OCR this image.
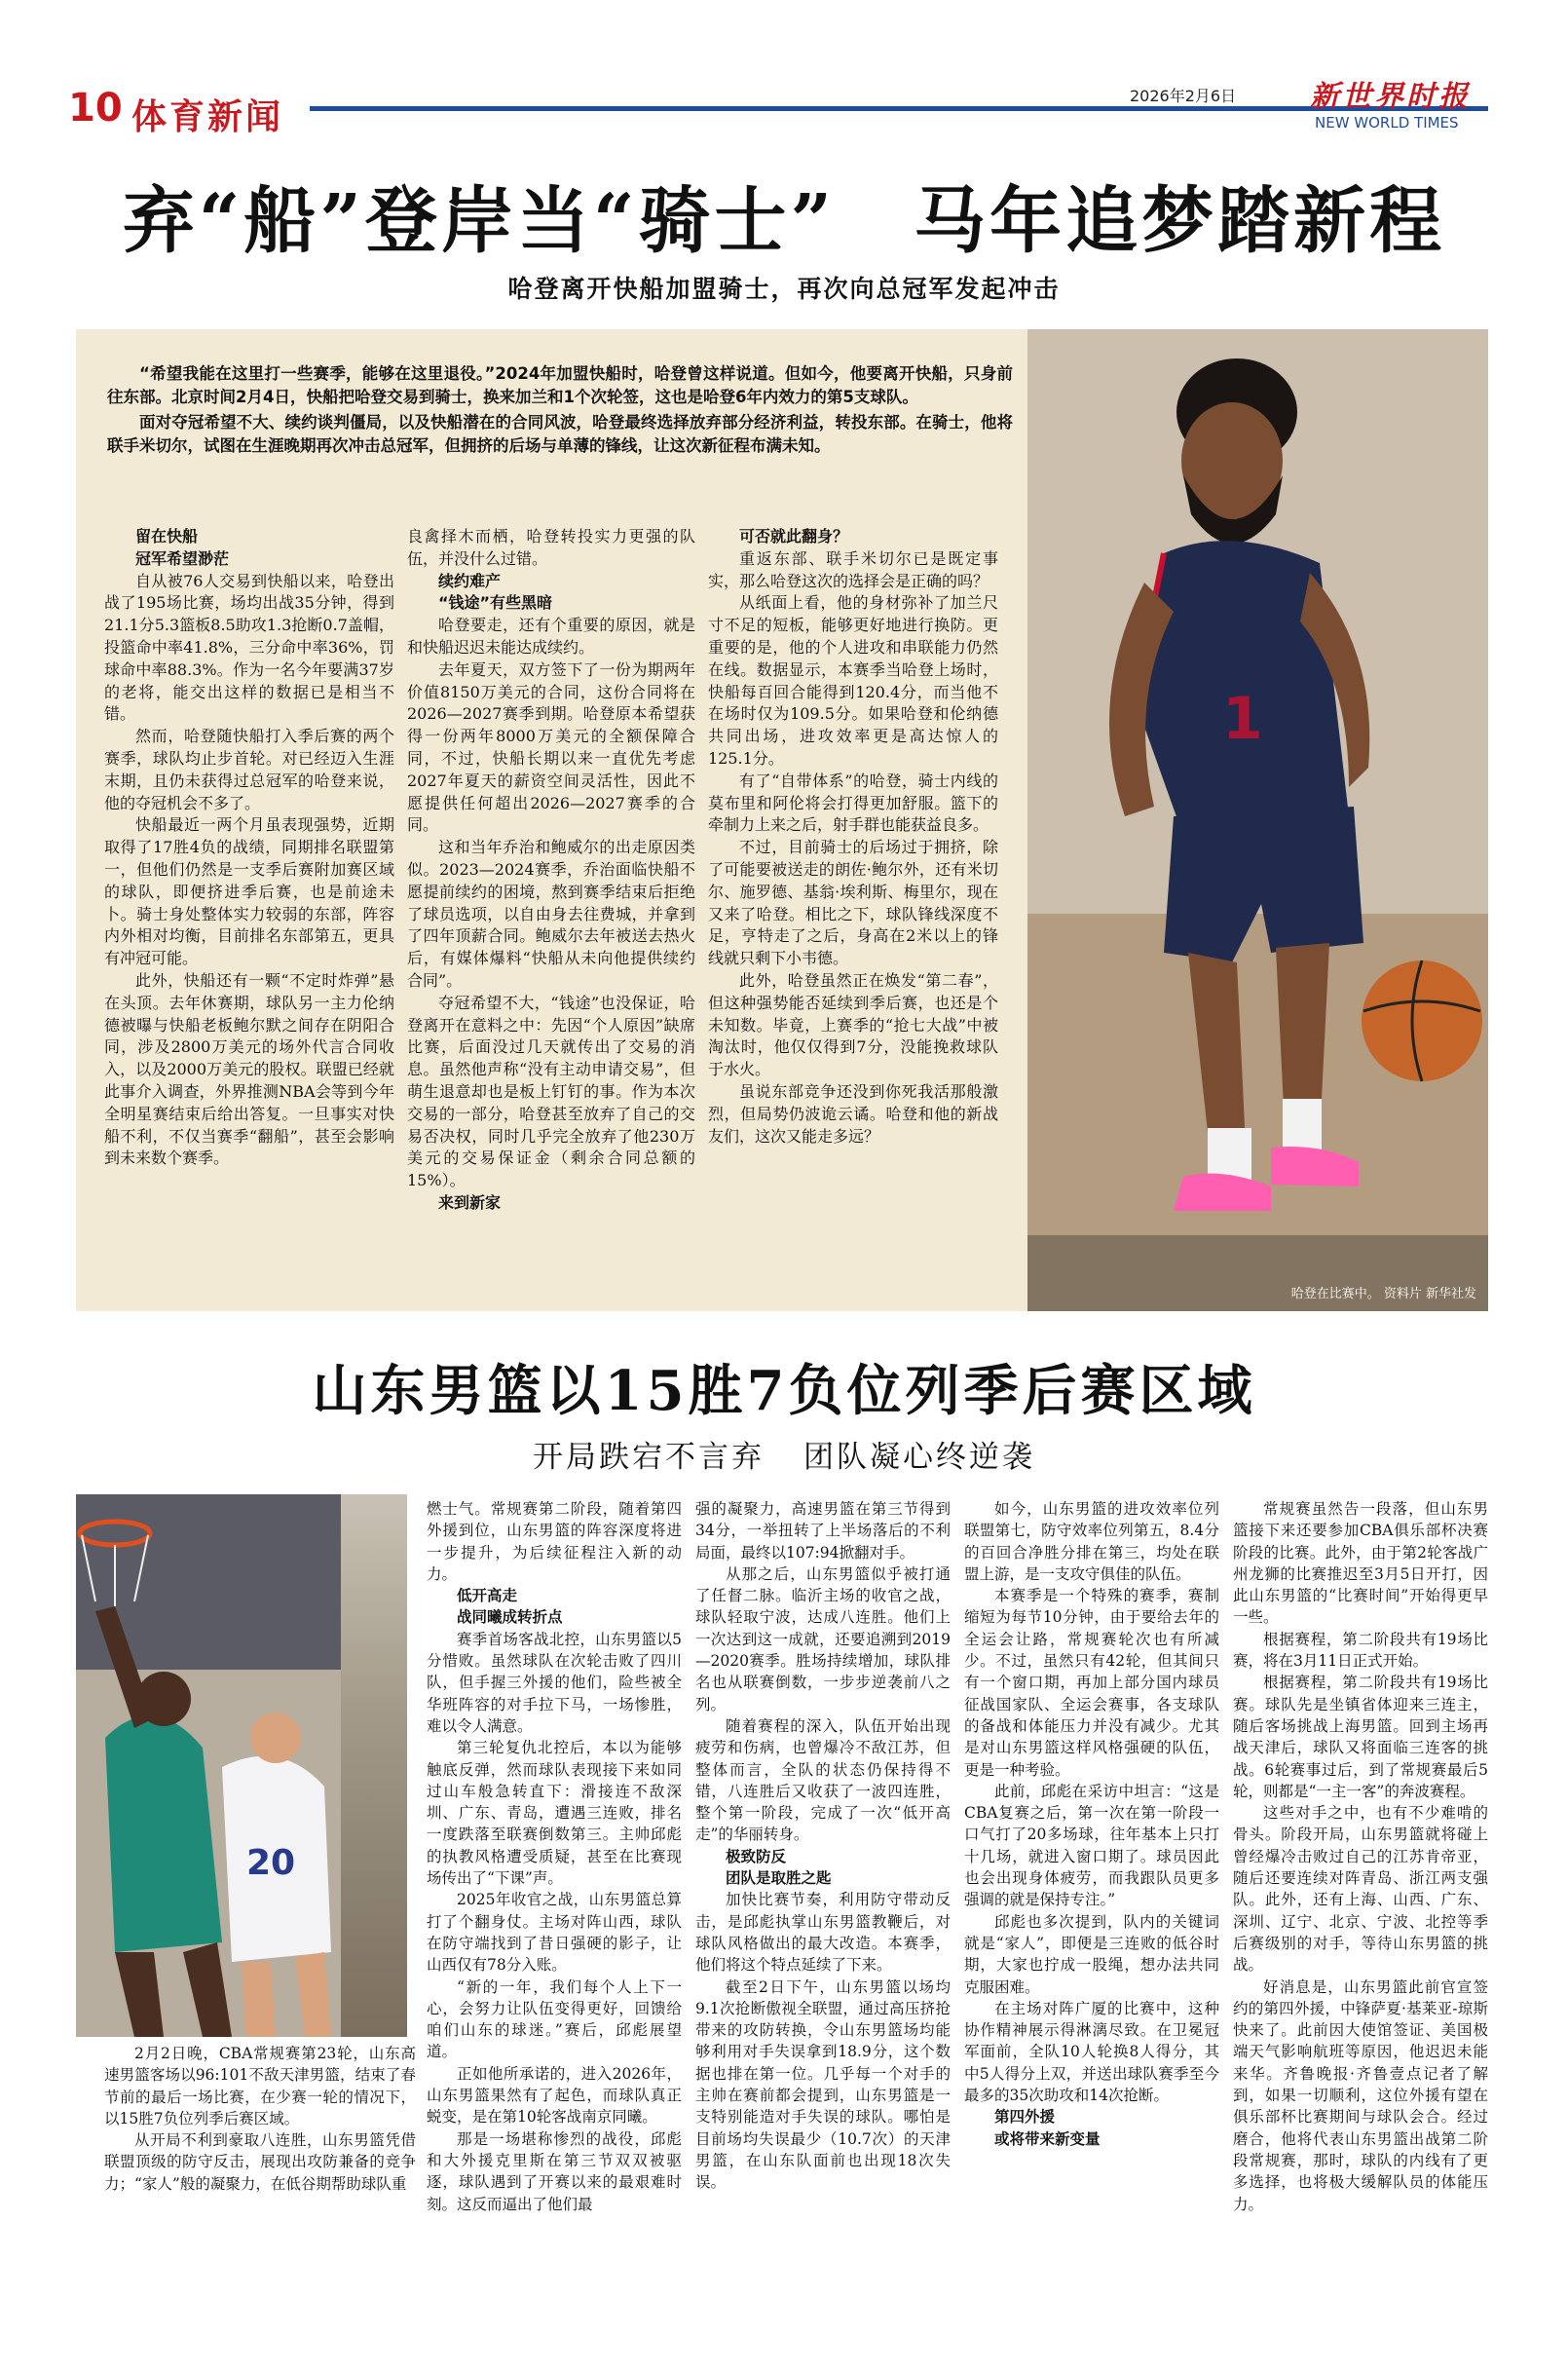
10 体育新闻
2026年2月6日	新世界时报
NEW WORLD TIMES
弃“船”登岸当“骑士” 马年追梦踏新程
哈登离开快船加盟骑士，再次向总冠军发起冲击
1
哈登在比赛中。 资料片 新华社发

“希望我能在这里打一些赛季，能够在这里退役。”2024年加盟快船时，哈登曾这样说道。但如今，他要离开快船，只身前往东部。北京时间2月4日，快船把哈登交易到骑士，换来加兰和1个次轮签，这也是哈登6年内效力的第5支球队。

面对夺冠希望不大、续约谈判僵局，以及快船潜在的合同风波，哈登最终选择放弃部分经济利益，转投东部。在骑士，他将联手米切尔，试图在生涯晚期再次冲击总冠军，但拥挤的后场与单薄的锋线，让这次新征程布满未知。

留在快船
冠军希望渺茫

自从被76人交易到快船以来，哈登出战了195场比赛，场均出战35分钟，得到21.1分5.3篮板8.5助攻1.3抢断0.7盖帽，投篮命中率41.8%，三分命中率36%，罚球命中率88.3%。作为一名今年要满37岁的老将，能交出这样的数据已是相当不错。

然而，哈登随快船打入季后赛的两个赛季，球队均止步首轮。对已经迈入生涯末期，且仍未获得过总冠军的哈登来说，他的夺冠机会不多了。

快船最近一两个月虽表现强势，近期取得了17胜4负的战绩，同期排名联盟第一，但他们仍然是一支季后赛附加赛区域的球队，即便挤进季后赛，也是前途未卜。骑士身处整体实力较弱的东部，阵容内外相对均衡，目前排名东部第五，更具有冲冠可能。

此外，快船还有一颗“不定时炸弹”悬在头顶。去年休赛期，球队另一主力伦纳德被曝与快船老板鲍尔默之间存在阴阳合同，涉及2800万美元的场外代言合同收入，以及2000万美元的股权。联盟已经就此事介入调查，外界推测NBA会等到今年全明星赛结束后给出答复。一旦事实对快船不利，不仅当赛季“翻船”，甚至会影响到未来数个赛季。

良禽择木而栖，哈登转投实力更强的队伍，并没什么过错。

续约难产
“钱途”有些黑暗

哈登要走，还有个重要的原因，就是和快船迟迟未能达成续约。

去年夏天，双方签下了一份为期两年价值8150万美元的合同，这份合同将在2026—2027赛季到期。哈登原本希望获得一份两年8000万美元的全额保障合同，不过，快船长期以来一直优先考虑2027年夏天的薪资空间灵活性，因此不愿提供任何超出2026—2027赛季的合同。

这和当年乔治和鲍威尔的出走原因类似。2023—2024赛季，乔治面临快船不愿提前续约的困境，熬到赛季结束后拒绝了球员选项，以自由身去往费城，并拿到了四年顶薪合同。鲍威尔去年被送去热火后，有媒体爆料“快船从未向他提供续约合同”。

夺冠希望不大，“钱途”也没保证，哈登离开在意料之中：先因“个人原因”缺席比赛，后面没过几天就传出了交易的消息。虽然他声称“没有主动申请交易”，但萌生退意却也是板上钉钉的事。作为本次交易的一部分，哈登甚至放弃了自己的交易否决权，同时几乎完全放弃了他230万美元的交易保证金（剩余合同总额的15%）。

来到新家
可否就此翻身？

重返东部、联手米切尔已是既定事实，那么哈登这次的选择会是正确的吗？

从纸面上看，他的身材弥补了加兰尺寸不足的短板，能够更好地进行换防。更重要的是，他的个人进攻和串联能力仍然在线。数据显示，本赛季当哈登上场时，快船每百回合能得到120.4分，而当他不在场时仅为109.5分。如果哈登和伦纳德共同出场，进攻效率更是高达惊人的125.1分。

有了“自带体系”的哈登，骑士内线的莫布里和阿伦将会打得更加舒服。篮下的牵制力上来之后，射手群也能获益良多。

不过，目前骑士的后场过于拥挤，除了可能要被送走的朗佐·鲍尔外，还有米切尔、施罗德、基翁·埃利斯、梅里尔，现在又来了哈登。相比之下，球队锋线深度不足，亨特走了之后，身高在2米以上的锋线就只剩下小韦德。

此外，哈登虽然正在焕发“第二春”，但这种强势能否延续到季后赛，也还是个未知数。毕竟，上赛季的“抢七大战”中被淘汰时，他仅仅得到7分，没能挽救球队于水火。

虽说东部竞争还没到你死我活那般激烈，但局势仍波诡云谲。哈登和他的新战友们，这次又能走多远？

山东男篮以15胜7负位列季后赛区域
开局跌宕不言弃 团队凝心终逆袭
20

2月2日晚，CBA常规赛第23轮，山东高速男篮客场以96:101不敌天津男篮，结束了春节前的最后一场比赛，在少赛一轮的情况下，以15胜7负位列季后赛区域。

从开局不利到豪取八连胜，山东男篮凭借联盟顶级的防守反击，展现出攻防兼备的竞争力；“家人”般的凝聚力，在低谷期帮助球队重

燃士气。常规赛第二阶段，随着第四外援到位，山东男篮的阵容深度将进一步提升，为后续征程注入新的动力。

低开高走
战同曦成转折点

赛季首场客战北控，山东男篮以5分惜败。虽然球队在次轮击败了四川队，但手握三外援的他们，险些被全华班阵容的对手拉下马，一场惨胜，难以令人满意。

第三轮复仇北控后，本以为能够触底反弹，然而球队表现接下来如同过山车般急转直下：滑接连不敌深圳、广东、青岛，遭遇三连败，排名一度跌落至联赛倒数第三。主帅邱彪的执教风格遭受质疑，甚至在比赛现场传出了“下课”声。

2025年收官之战，山东男篮总算打了个翻身仗。主场对阵山西，球队在防守端找到了昔日强硬的影子，让山西仅有78分入账。

“新的一年，我们每个人上下一心，会努力让队伍变得更好，回馈给咱们山东的球迷。”赛后，邱彪展望道。

正如他所承诺的，进入2026年，山东男篮果然有了起色，而球队真正蜕变，是在第10轮客战南京同曦。

那是一场堪称惨烈的战役，邱彪和大外援克里斯在第三节双双被驱逐，球队遇到了开赛以来的最艰难时刻。这反而逼出了他们最

强的凝聚力，高速男篮在第三节得到34分，一举扭转了上半场落后的不利局面，最终以107:94掀翻对手。

从那之后，山东男篮似乎被打通了任督二脉。临沂主场的收官之战，球队轻取宁波，达成八连胜。他们上一次达到这一成就，还要追溯到2019—2020赛季。胜场持续增加，球队排名也从联赛倒数，一步步逆袭前八之列。

随着赛程的深入，队伍开始出现疲劳和伤病，也曾爆冷不敌江苏，但整体而言，全队的状态仍保持得不错，八连胜后又收获了一波四连胜，整个第一阶段，完成了一次“低开高走”的华丽转身。

极致防反
团队是取胜之匙

加快比赛节奏，利用防守带动反击，是邱彪执掌山东男篮教鞭后，对球队风格做出的最大改造。本赛季，他们将这个特点延续了下来。

截至2日下午，山东男篮以场均9.1次抢断傲视全联盟，通过高压挤抢带来的攻防转换，令山东男篮场均能够利用对手失误拿到18.9分，这个数据也排在第一位。几乎每一个对手的主帅在赛前都会提到，山东男篮是一支特别能造对手失误的球队。哪怕是目前场均失误最少（10.7次）的天津男篮，在山东队面前也出现18次失误。

如今，山东男篮的进攻效率位列联盟第七，防守效率位列第五，8.4分的百回合净胜分排在第三，均处在联盟上游，是一支攻守俱佳的队伍。

本赛季是一个特殊的赛季，赛制缩短为每节10分钟，由于要给去年的全运会让路，常规赛轮次也有所减少。不过，虽然只有42轮，但其间只有一个窗口期，再加上部分国内球员征战国家队、全运会赛事，各支球队的备战和体能压力并没有减少。尤其是对山东男篮这样风格强硬的队伍，更是一种考验。

此前，邱彪在采访中坦言：“这是CBA复赛之后，第一次在第一阶段一口气打了20多场球，往年基本上只打十几场，就进入窗口期了。球员因此也会出现身体疲劳，而我跟队员更多强调的就是保持专注。”

邱彪也多次提到，队内的关键词就是“家人”，即便是三连败的低谷时期，大家也拧成一股绳，想办法共同克服困难。

在主场对阵广厦的比赛中，这种协作精神展示得淋漓尽致。在卫冕冠军面前，全队10人轮换8人得分，其中5人得分上双，并送出球队赛季至今最多的35次助攻和14次抢断。

第四外援
或将带来新变量

常规赛虽然告一段落，但山东男篮接下来还要参加CBA俱乐部杯决赛阶段的比赛。此外，由于第2轮客战广州龙狮的比赛推迟至3月5日开打，因此山东男篮的“比赛时间”开始得更早一些。

根据赛程，第二阶段共有19场比赛，将在3月11日正式开始。

根据赛程，第二阶段共有19场比赛。球队先是坐镇省体迎来三连主，随后客场挑战上海男篮。回到主场再战天津后，球队又将面临三连客的挑战。6轮赛事过后，到了常规赛最后5轮，则都是“一主一客”的奔波赛程。

这些对手之中，也有不少难啃的骨头。阶段开局，山东男篮就将碰上曾经爆冷击败过自己的江苏肯帝亚，随后还要连续对阵青岛、浙江两支强队。此外，还有上海、山西、广东、深圳、辽宁、北京、宁波、北控等季后赛级别的对手，等待山东男篮的挑战。

好消息是，山东男篮此前官宣签约的第四外援，中锋萨夏·基莱亚-琼斯快来了。此前因大使馆签证、美国极端天气影响航班等原因，他迟迟未能来华。齐鲁晚报·齐鲁壹点记者了解到，如果一切顺利，这位外援有望在俱乐部杯比赛期间与球队会合。经过磨合，他将代表山东男篮出战第二阶段常规赛，那时，球队的内线有了更多选择，也将极大缓解队员的体能压力。
